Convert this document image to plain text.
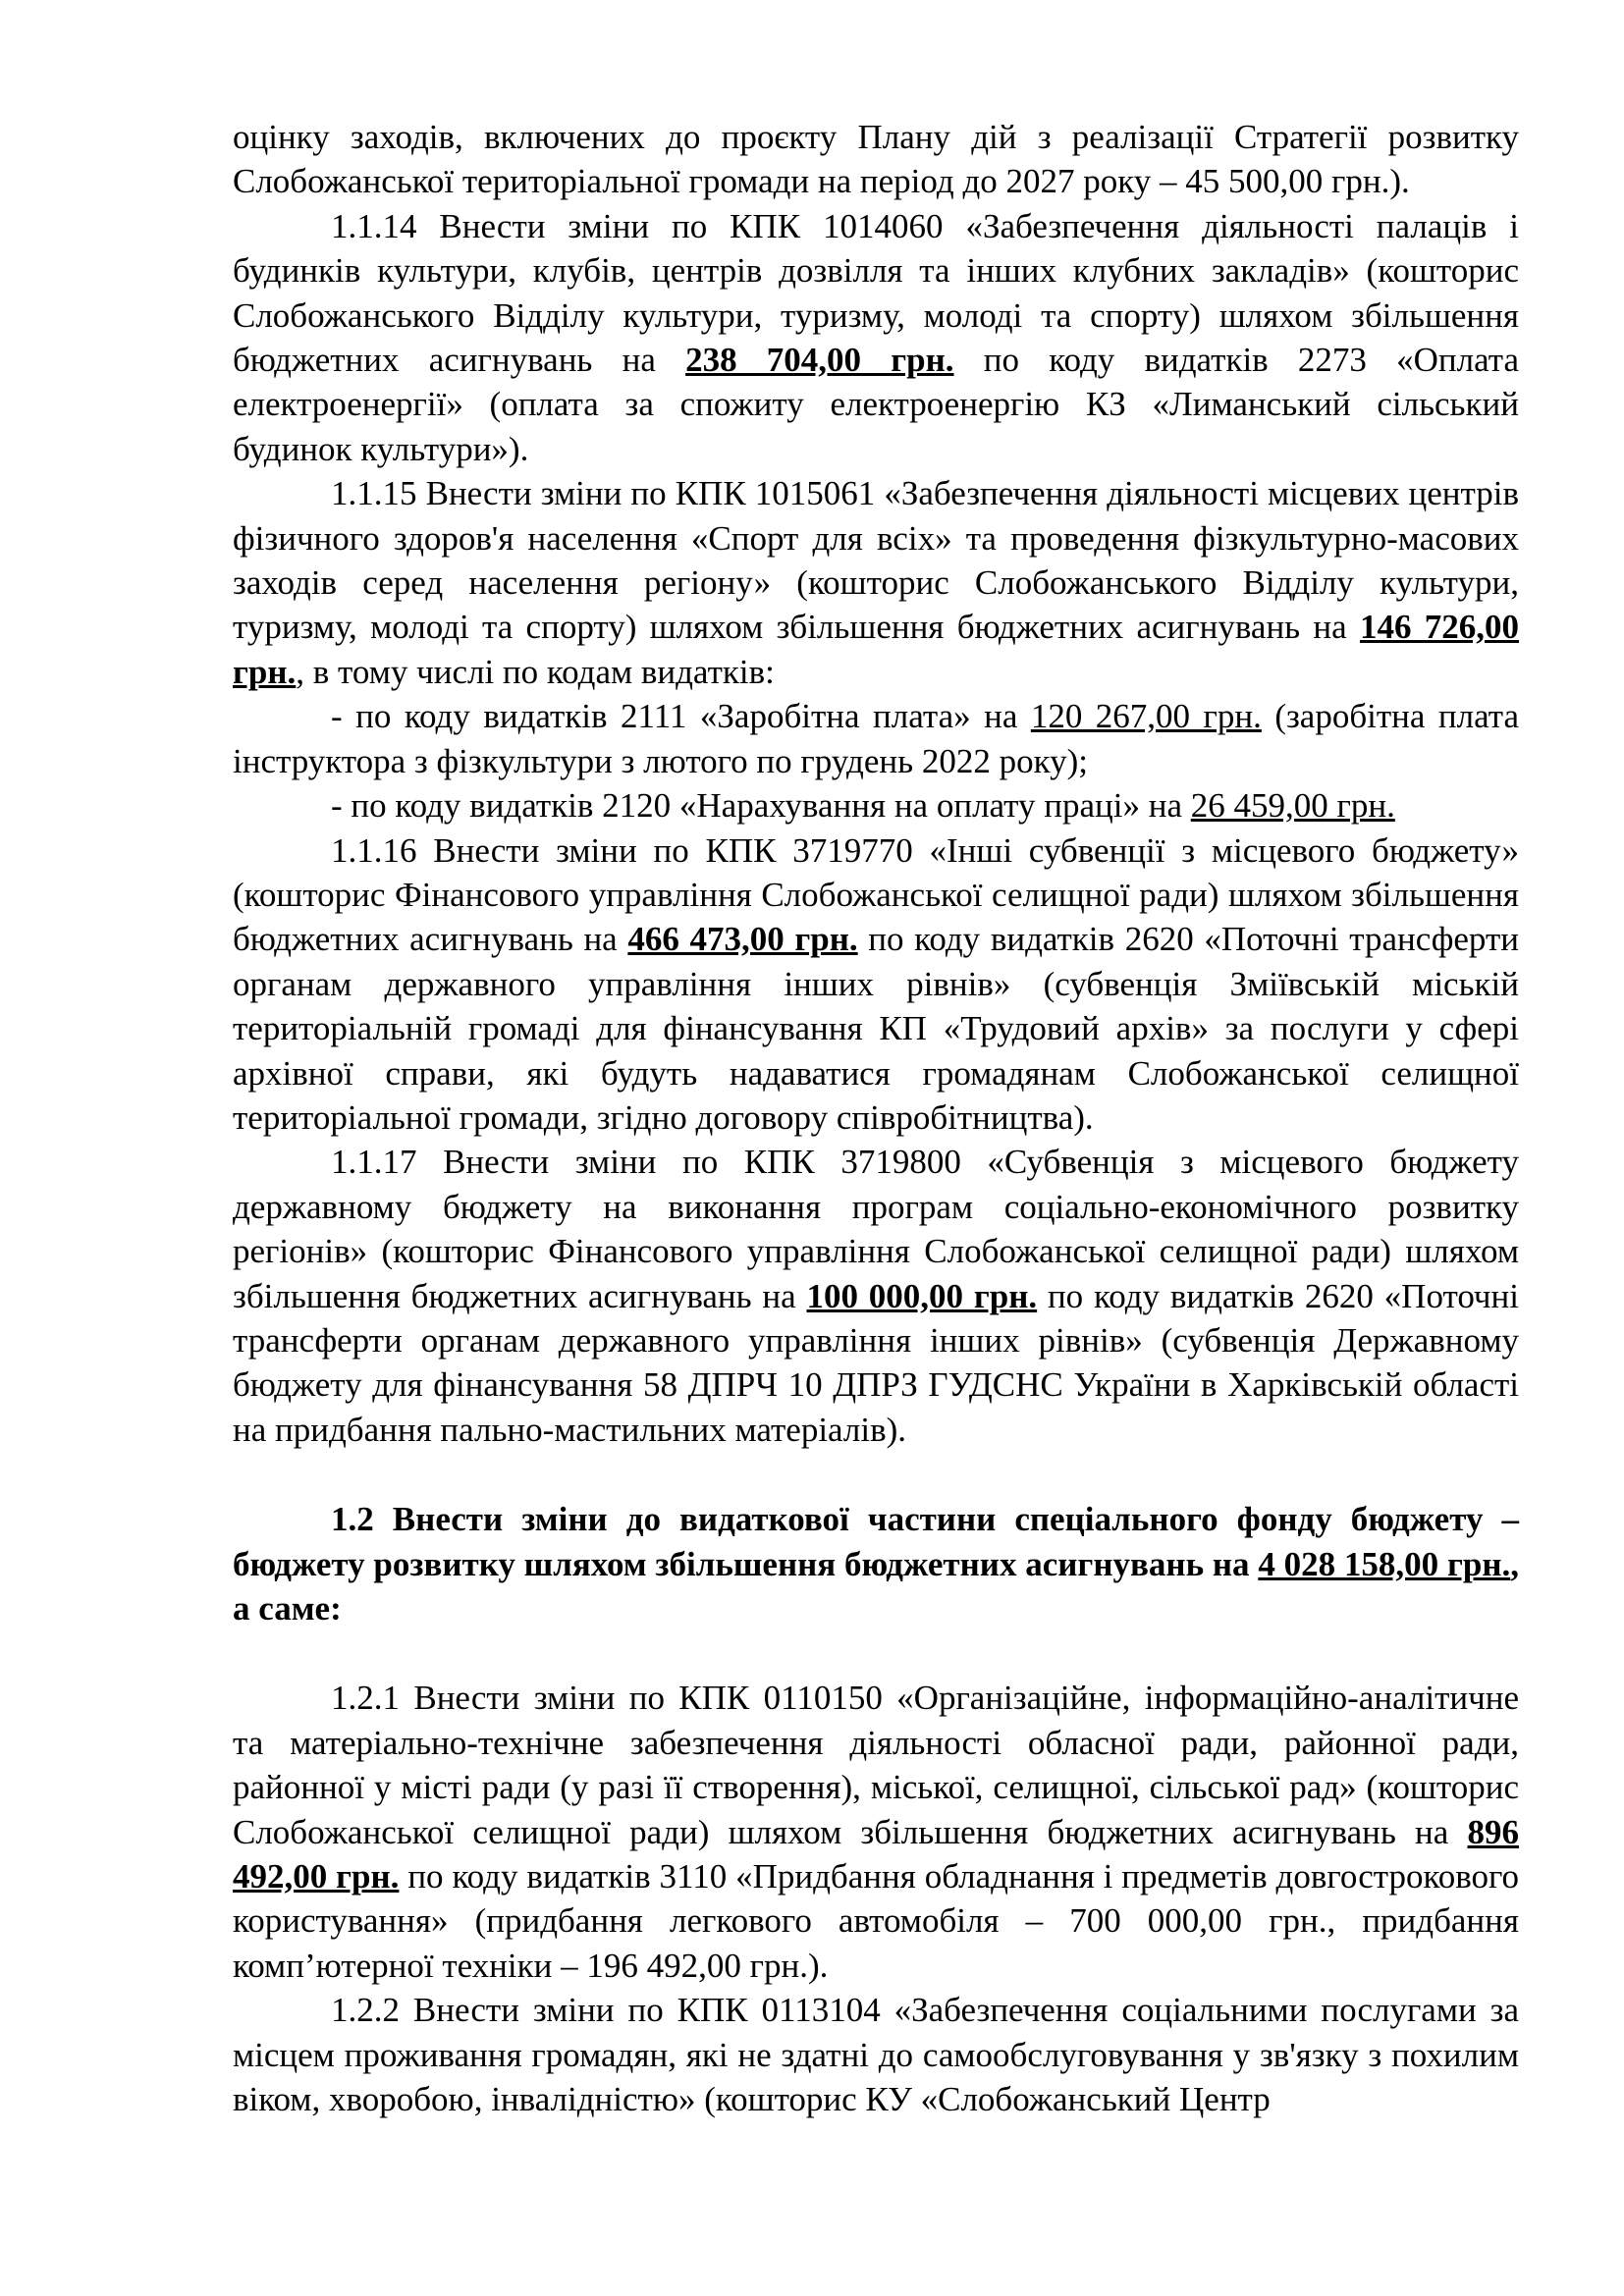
оцінку заходів, включених до проєкту Плану дій з реалізації Стратегії розвитку Слобожанської територіальної громади на період до 2027 року – 45 500,00 грн.).

1.1.14 Внести зміни по КПК 1014060 «Забезпечення діяльності палаців і будинків культури, клубів, центрів дозвілля та інших клубних закладів» (кошторис Слобожанського Відділу культури, туризму, молоді та спорту) шляхом збільшення бюджетних асигнувань на 238 704,00 грн. по коду видатків 2273 «Оплата електроенергії» (оплата за спожиту електроенергію КЗ «Лиманський сільський будинок культури»).

1.1.15 Внести зміни по КПК 1015061 «Забезпечення діяльності місцевих центрів фізичного здоров'я населення «Спорт для всіх» та проведення фізкультурно-масових заходів серед населення регіону» (кошторис Слобожанського Відділу культури, туризму, молоді та спорту) шляхом збільшення бюджетних асигнувань на 146 726,00 грн., в тому числі по кодам видатків:

- по коду видатків 2111 «Заробітна плата» на 120 267,00 грн. (заробітна плата інструктора з фізкультури з лютого по грудень 2022 року);

- по коду видатків 2120 «Нарахування на оплату праці» на 26 459,00 грн.

1.1.16 Внести зміни по КПК 3719770 «Інші субвенції з місцевого бюджету» (кошторис Фінансового управління Слобожанської селищної ради) шляхом збільшення бюджетних асигнувань на 466 473,00 грн. по коду видатків 2620 «Поточні трансферти органам державного управління інших рівнів» (субвенція Зміївській міській територіальній громаді для фінансування КП «Трудовий архів» за послуги у сфері архівної справи, які будуть надаватися громадянам Слобожанської селищної територіальної громади, згідно договору співробітництва).

1.1.17 Внести зміни по КПК 3719800 «Субвенція з місцевого бюджету державному бюджету на виконання програм соціально-економічного розвитку регіонів» (кошторис Фінансового управління Слобожанської селищної ради) шляхом збільшення бюджетних асигнувань на 100 000,00 грн. по коду видатків 2620 «Поточні трансферти органам державного управління інших рівнів» (субвенція Державному бюджету для фінансування 58 ДПРЧ 10 ДПРЗ ГУДСНС України в Харківській області на придбання пально-мастильних матеріалів).

1.2 Внести зміни до видаткової частини спеціального фонду бюджету – бюджету розвитку шляхом збільшення бюджетних асигнувань на 4 028 158,00 грн., а саме:

1.2.1 Внести зміни по КПК 0110150 «Організаційне, інформаційно-аналітичне та матеріально-технічне забезпечення діяльності обласної ради, районної ради, районної у місті ради (у разі її створення), міської, селищної, сільської рад» (кошторис Слобожанської селищної ради) шляхом збільшення бюджетних асигнувань на 896 492,00 грн. по коду видатків 3110 «Придбання обладнання і предметів довгострокового користування» (придбання легкового автомобіля – 700 000,00 грн., придбання комп’ютерної техніки – 196 492,00 грн.).

1.2.2 Внести зміни по КПК 0113104 «Забезпечення соціальними послугами за місцем проживання громадян, які не здатні до самообслуговування у зв'язку з похилим віком, хворобою, інвалідністю» (кошторис КУ «Слобожанський Центр
